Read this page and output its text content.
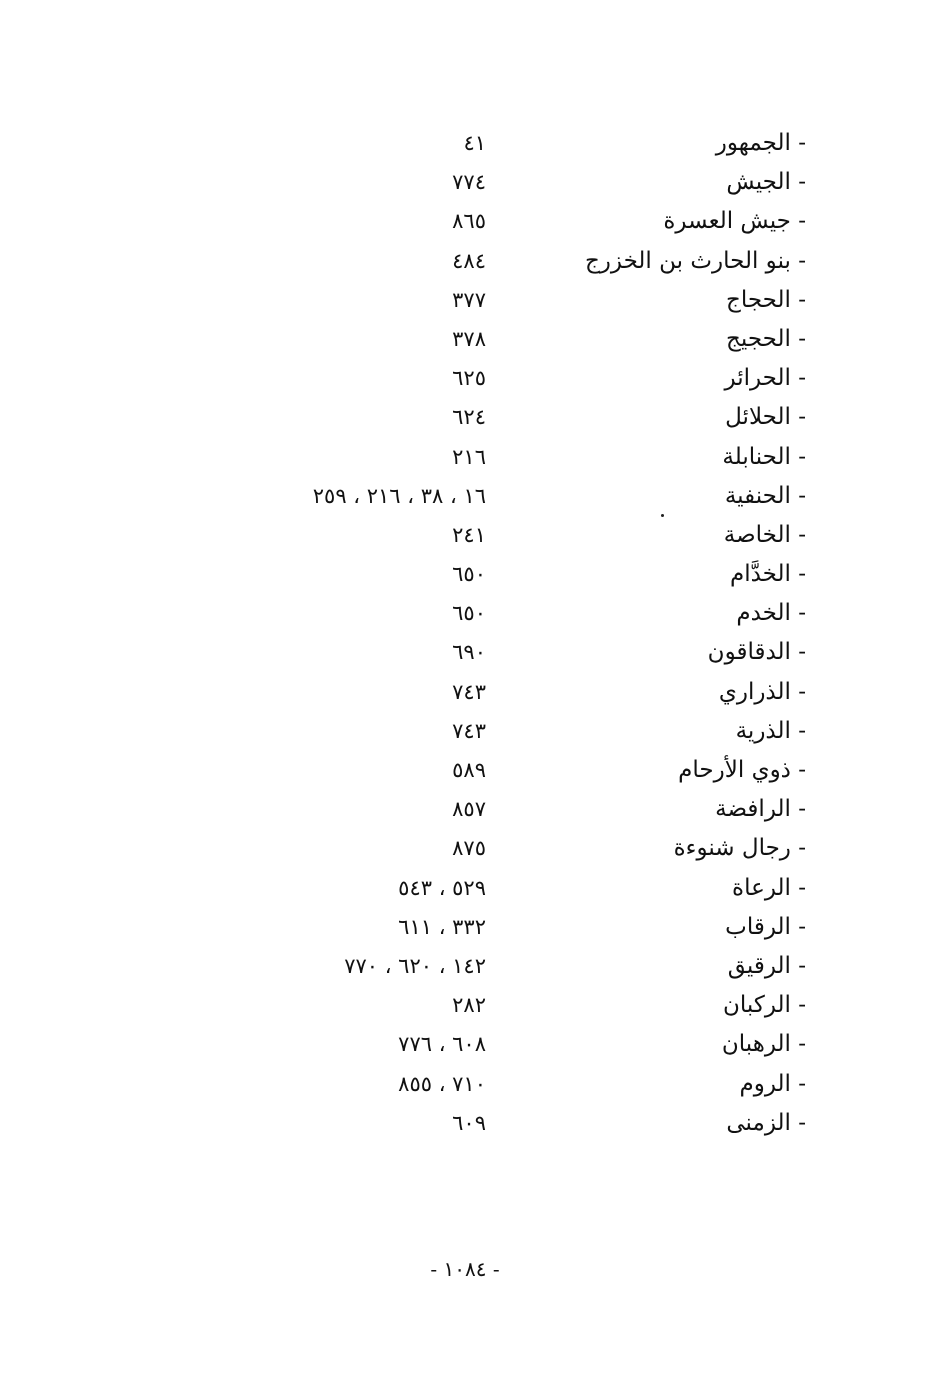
- الجمهور
٤١
- الجيش
٧٧٤
- جيش العسرة
٨٦٥
- بنو الحارث بن الخزرج
٤٨٤
- الحجاج
٣٧٧
- الحجيج
٣٧٨
- الحرائر
٦٢٥
- الحلائل
٦٢٤
- الحنابلة
٢١٦
- الحنفية
١٦ ، ٣٨ ، ٢١٦ ، ٢٥٩
- الخاصة
٢٤١
- الخدَّام
٦٥٠
- الخدم
٦٥٠
- الدقاقون
٦٩٠
- الذراري
٧٤٣
- الذرية
٧٤٣
- ذوي الأرحام
٥٨٩
- الرافضة
٨٥٧
- رجال شنوءة
٨٧٥
- الرعاة
٥٢٩ ، ٥٤٣
- الرقاب
٣٣٢ ، ٦١١
- الرقيق
١٤٢ ، ٦٢٠ ، ٧٧٠
- الركبان
٢٨٢
- الرهبان
٦٠٨ ، ٧٧٦
- الروم
٧١٠ ، ٨٥٥
- الزمنى
٦٠٩
- ١٠٨٤ -
